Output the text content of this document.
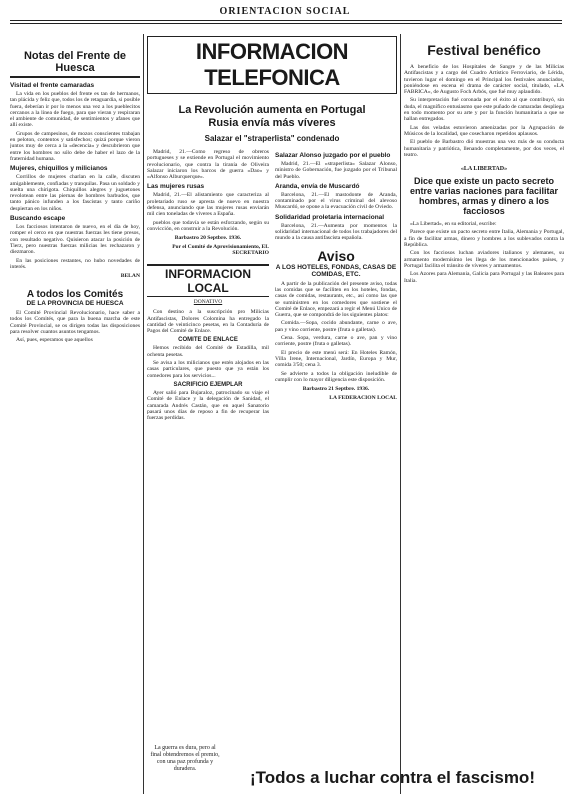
ORIENTACION SOCIAL
Notas del Frente de Huesca
Visitad el frente camaradas

La vida en los pueblos del frente es tan de hermanos, tan plácida y feliz que, todos los de retaguardia, si posible fuera, deberían ir por lo menos una vez a los pueblecitos cercanos a la línea de fuego, para que vieran y respiraran el ambiente de comunidad, de sentimientos y afanes que allí existe.

Grupos de campesinos, de mozos conscientes trabajan en peloton, contentos y satisfechos; quizá porque vieron juntos muy de cerca a la «decencia» y descubrieron que entre los hombres no sólo debe de haber el lazo de la fraternidad humana.

Mujeres, chiquillos y milicianos

Corrillos de mujeres charlan en la calle, discuten amigablemente, confiadas y tranquilas. Pasa un soldado y suelta una chirigota. Chiquillos alegres y juguetones revolotean entre las piernas de hombres barbudos, que tanto pánico infunden a los fascistas y tanto cariño despiertan en los niños.

Buscando escape

Los facciosos intentaron de nuevo, en el día de hoy, romper el cerco en que nuestras fuerzas les tiene presos, con resultado negativo. Quisieron atacar la posición de Tierz, pero nuestras fuerzas milicias les rechazaron y diezmaron.

En las posiciones restantes, no hubo novedades de interés.

BELAN
A todos los Comités
DE LA PROVINCIA DE HUESCA

El Comité Provincial Revolucionario, hace saber a todos los Comités, que para la buena marcha de este Comité Provincial, se os dirigen todas las disposiciones para resolver cuantos asuntos tengamos.

Así, pues, esperamos que aquellos

INFORMACION TELEFONICA
La Revolución aumenta en Portugal
Rusia envía más víveres
Salazar el "straperlista" condenado

Madrid, 21.—Como regreso de obreros portugueses y se extiende en Portugal el movimiento revolucionario, que contra la tiranía de Oliveira Salazar iniciaron los barcos de guerra «Dao» y «Alfonso Alburquerque».

Las mujeres rusas

Madrid, 21.—El alistamiento que caracteriza al proletariado ruso se apresta de nuevo en nuestra defensa, anunciando que las mujeres rusas enviarán mil cien toneladas de víveres a España.

pueblos que todavía se están esforzando, según su convicción, en construir a la Revolución.

Barbastro 20 Septbre. 1936.
Por el Comité de Aprovisionamiento, EL SECRETARIO
INFORMACION LOCAL
DONATIVO

Con destino a la suscripción pro Milicias Antifascistas, Dolores Colomina ha entregado la cantidad de veinticinco pesetas, en la Contaduría de Pagos del Comité de Enlace.

COMITE DE ENLACE

Hemos recibido del Comité de Estadilla, mil ochenta pesetas.

Se avisa a los milicianos que estén alojados en las casas particulares, que puesto que ya están los comedores para los servicios...

SACRIFICIO EJEMPLAR

Ayer salió para Bujaraloz, patrocinado su viaje el Comité de Enlace y la delegación de Sanidad, el camarada Andrés Castán, que en aquel Sanatorio pasará unos días de reposo a fin de recuperar las fuerzas perdidas.

Salazar Alonso juzgado por el pueblo

Madrid, 21.—El «straperlista» Salazar Alonso, ministro de Gobernación, fue juzgado por el Tribunal del Pueblo.

Aranda, envía de Muscardó

Barcelona, 21.—El mastodonte de Aranda, contaminado por el virus criminal del alevoso Muscardó, se opone a la evacuación civil de Oviedo.

Solidaridad proletaria internacional

Barcelona, 21.—Aumenta por momentos la solidaridad internacional de todos los trabajadores del mundo a la causa antifascista española.

Aviso
A LOS HOTELES, FONDAS, CASAS DE COMIDAS, ETC.

A partir de la publicación del presente aviso, todas las comidas que se faciliten en los hoteles, fondas, casas de comidas, restaurants, etc., así como las que se suministren en los comedores que sostiene el Comité de Enlace, empezará a regir el Menú Unico de Guerra, que se compondrá de los siguientes platos:

Comida.—Sopa, cocido abundante, carne o ave, pan y vino corriente, postre (fruta o galletas).

Cena. Sopa, verdura, carne o ave, pan y vino corriente, postre (fruta o galletas).

El precio de este menú será: En Hoteles Ramón, Villa Irene, Internacional, Jardín, Europa y Mur, comida 3'50; cena 3.

Se advierte a todos la obligación ineludible de cumplir con lo mayor diligencia este disposición.

Barbastro 21 Septbre. 1936.
LA FEDERACION LOCAL
La guerra es dura, pero al final obtendremos el premio, con una paz profunda y duradera.
Festival benéfico

A beneficio de los Hospitales de Sangre y de las Milicias Antifascistas y a cargo del Cuadro Artístico Ferroviario, de Lérida, tuvieron lugar el domingo en el Principal los festivales anunciados, poniéndose en escena el drama de carácter social, titulado, «LA FABRICA», de Augusto Foch Arbós, que fué muy aplaudido.

Su interpretación fué coronada por el éxito al que contribuyó, sin duda, el magnífico entusiasmo que este puñado de camaradas despliega en todo momento por su arte y por la función humanitaria a que se hallan entregados.

Las dos veladas estuvieron amenizadas por la Agrupación de Músicos de la localidad, que cosecharon repetidos aplausos.

El pueblo de Barbastro dió muestras una vez más de su conducta humanitaria y patriótica, llenando completamente, por dos veces, el teatro.

«LA LIBERTAD»
Dice que existe un pacto secreto entre varias naciones para facilitar hombres, armas y dinero a los facciosos

«La Libertad», en su editorial, escribe:

Parece que existe un pacto secreto entre Italia, Alemania y Portugal, a fin de facilitar armas, dinero y hombres a los sublevados contra la República.

Con los facciosos luchan aviadores italianos y alemanes, su armamento modernísimo les llega de los mencionados países, y Portugal facilita el tránsito de víveres y armamentos.

Los Azores para Alemania, Galicia para Portugal y las Baleares para Italia.

¡Todos a luchar contra el fascismo!
